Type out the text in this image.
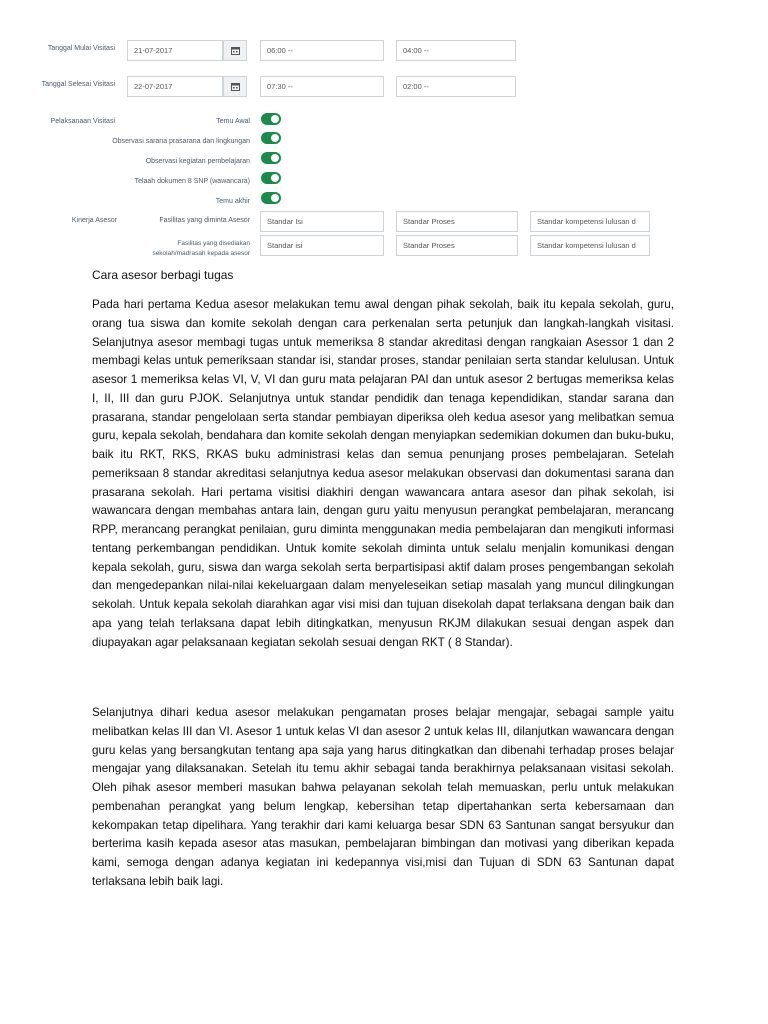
Tanggal Mulai Visitasi	21-07-2017	06:00 --	04:00 --
Tanggal Selesai Visitasi	22-07-2017	07:30 --	02:00 --
Pelaksanaan Visitasi	Temu Awal
Observasi sarana prasarana dan lingkungan
Observasi kegiatan pembelajaran
Telaah dokumen 8 SNP (wawancara)
Temu akhir
Kinerja Asesor	Fasilitas yang diminta Asesor	Standar Isi	Standar Proses	Standar kompetensi lulusan d
Fasilitas yang disediakan
sekolah/madrasah kepada asesor
Standar isi	Standar Proses	Standar kompetensi lulusan d
Cara asesor berbagi tugas

Pada hari pertama Kedua asesor melakukan temu awal dengan pihak sekolah, baik itu kepala sekolah, guru, orang tua siswa dan komite sekolah dengan cara perkenalan serta petunjuk dan langkah-langkah visitasi. Selanjutnya asesor membagi tugas untuk memeriksa 8 standar akreditasi dengan rangkaian Asessor 1 dan 2 membagi kelas untuk pemeriksaan standar isi, standar proses, standar penilaian serta standar kelulusan. Untuk asesor 1 memeriksa kelas VI, V, VI dan guru mata pelajaran PAI dan untuk asesor 2 bertugas memeriksa kelas I, II, III dan guru PJOK. Selanjutnya untuk standar pendidik dan tenaga kependidikan, standar sarana dan prasarana, standar pengelolaan serta standar pembiayan diperiksa oleh kedua asesor yang melibatkan semua guru, kepala sekolah, bendahara dan komite sekolah dengan menyiapkan sedemikian dokumen dan buku-buku, baik itu RKT, RKS, RKAS buku administrasi kelas dan semua penunjang proses pembelajaran. Setelah pemeriksaan 8 standar akreditasi selanjutnya kedua asesor melakukan observasi dan dokumentasi sarana dan prasarana sekolah. Hari pertama visitisi diakhiri dengan wawancara antara asesor dan pihak sekolah, isi wawancara dengan membahas antara lain, dengan guru yaitu menyusun perangkat pembelajaran, merancang RPP, merancang perangkat penilaian, guru diminta menggunakan media pembelajaran dan mengikuti informasi tentang perkembangan pendidikan. Untuk komite sekolah diminta untuk selalu menjalin komunikasi dengan kepala sekolah, guru, siswa dan warga sekolah serta berpartisipasi aktif dalam proses pengembangan sekolah dan mengedepankan nilai-nilai kekeluargaan dalam menyeleseikan setiap masalah yang muncul dilingkungan sekolah. Untuk kepala sekolah diarahkan agar visi misi dan tujuan disekolah dapat terlaksana dengan baik dan apa yang telah terlaksana dapat lebih ditingkatkan, menyusun RKJM dilakukan sesuai dengan aspek dan diupayakan agar pelaksanaan kegiatan sekolah sesuai dengan RKT ( 8 Standar).

Selanjutnya dihari kedua asesor melakukan pengamatan proses belajar mengajar, sebagai sample yaitu melibatkan kelas III dan VI. Asesor 1 untuk kelas VI dan asesor 2 untuk kelas III, dilanjutkan wawancara dengan guru kelas yang bersangkutan tentang apa saja yang harus ditingkatkan dan dibenahi terhadap proses belajar mengajar yang dilaksanakan. Setelah itu temu akhir sebagai tanda berakhirnya pelaksanaan visitasi sekolah. Oleh pihak asesor memberi masukan bahwa pelayanan sekolah telah memuaskan, perlu untuk melakukan pembenahan perangkat yang belum lengkap, kebersihan tetap dipertahankan serta kebersamaan dan kekompakan tetap dipelihara. Yang terakhir dari kami keluarga besar SDN 63 Santunan sangat bersyukur dan berterima kasih kepada asesor atas masukan, pembelajaran bimbingan dan motivasi yang diberikan kepada kami, semoga dengan adanya kegiatan ini kedepannya visi,misi dan Tujuan di SDN 63 Santunan dapat terlaksana lebih baik lagi.
